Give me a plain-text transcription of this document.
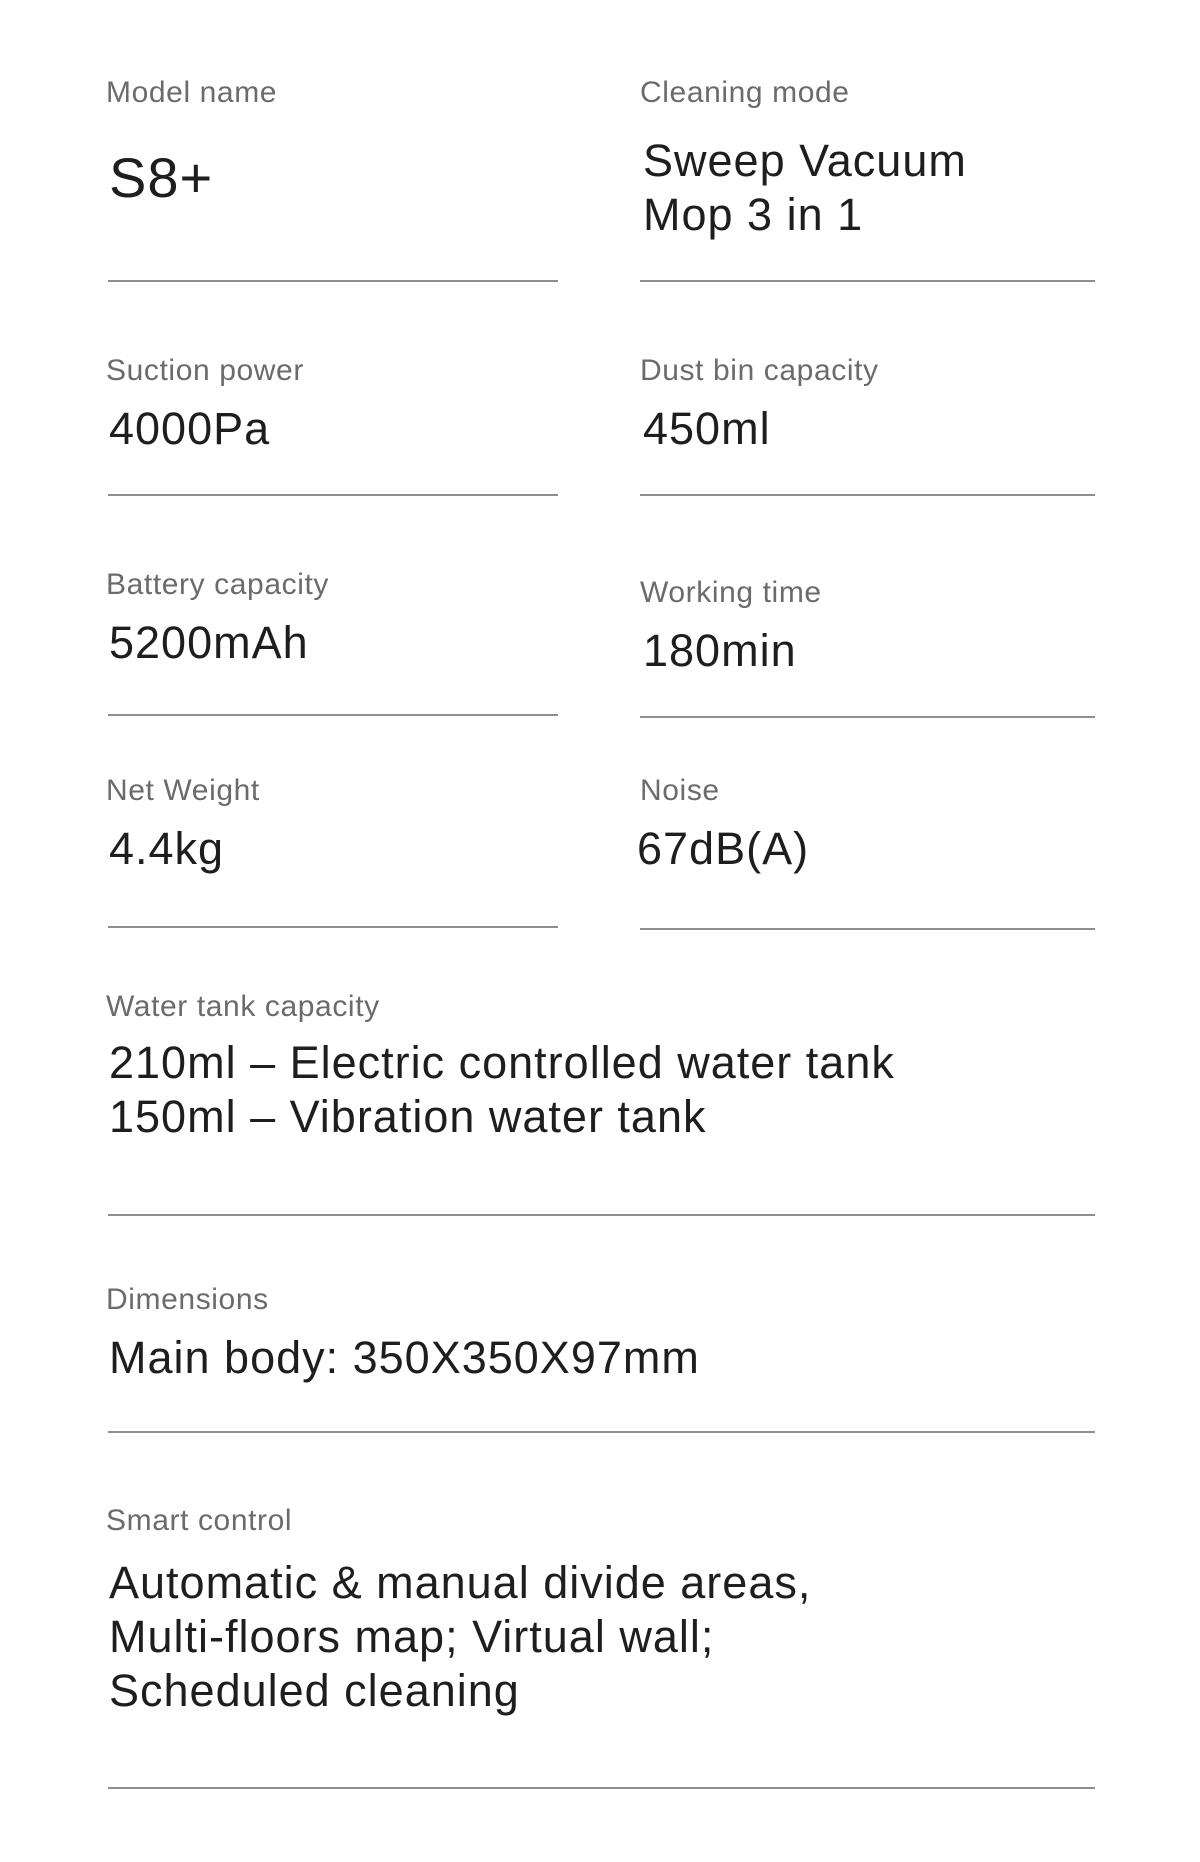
Model name
S8+
Cleaning mode
Sweep Vacuum
Mop 3 in 1
Suction power
4000Pa
Dust bin capacity
450ml
Battery capacity
5200mAh
Working time
180min
Net Weight
4.4kg
Noise
67dB(A)
Water tank capacity
210ml – Electric controlled water tank
150ml – Vibration water tank
Dimensions
Main body: 350X350X97mm
Smart control
Automatic & manual divide areas,
Multi-floors map; Virtual wall;
Scheduled cleaning
